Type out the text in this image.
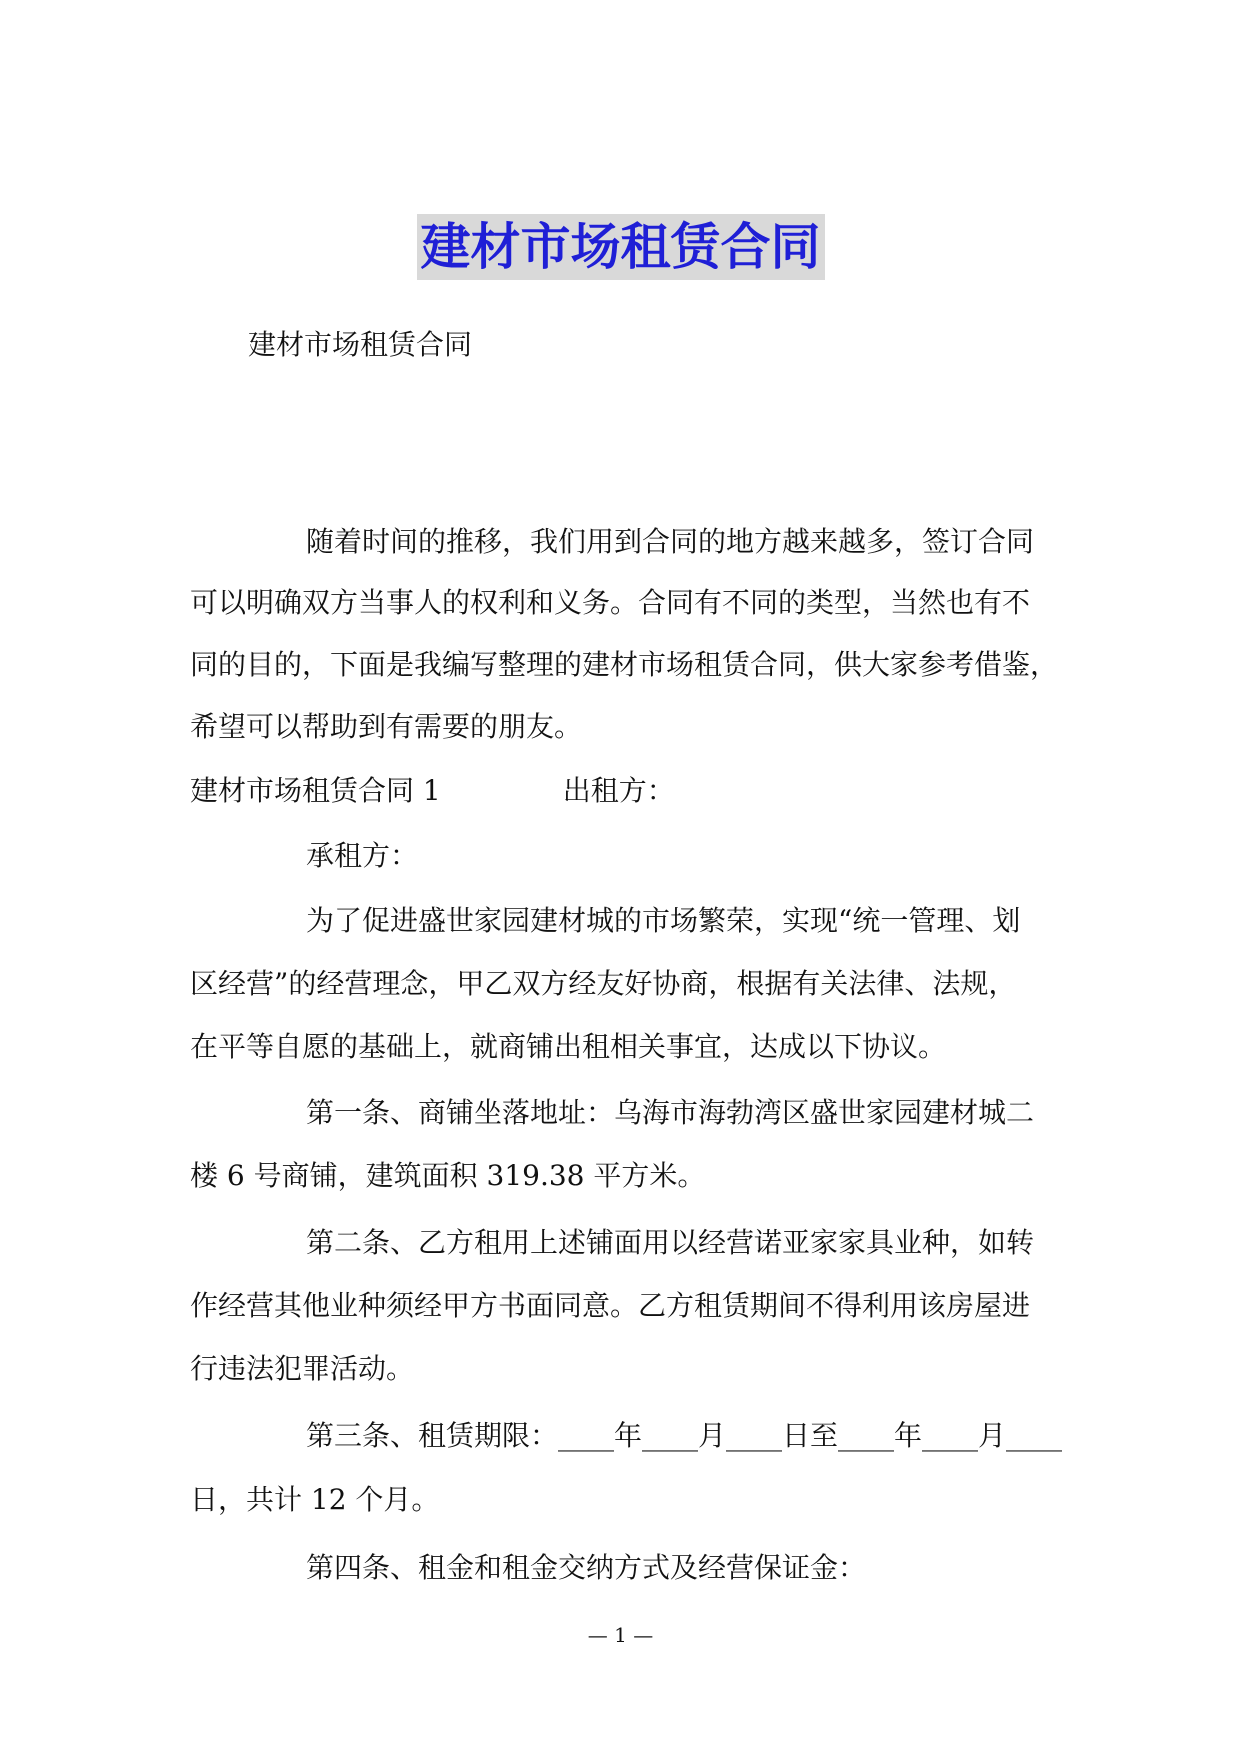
建材市场租赁合同
建材市场租赁合同
随着时间的推移，我们用到合同的地方越来越多，签订合同
可以明确双方当事人的权利和义务。合同有不同的类型，当然也有不
同的目的，下面是我编写整理的建材市场租赁合同，供大家参考借鉴，
希望可以帮助到有需要的朋友。
建材市场租赁合同 1	出租方：
承租方：
为了促进盛世家园建材城的市场繁荣，实现“统一管理、划
区经营”的经营理念，甲乙双方经友好协商，根据有关法律、法规，
在平等自愿的基础上，就商铺出租相关事宜，达成以下协议。
第一条、商铺坐落地址：乌海市海勃湾区盛世家园建材城二
楼 6 号商铺，建筑面积 319.38 平方米。
第二条、乙方租用上述铺面用以经营诺亚家家具业种，如转
作经营其他业种须经甲方书面同意。乙方租赁期间不得利用该房屋进
行违法犯罪活动。
第三条、租赁期限：____年____月____日至____年____月____
日，共计 12 个月。
第四条、租金和租金交纳方式及经营保证金：
— 1 —
